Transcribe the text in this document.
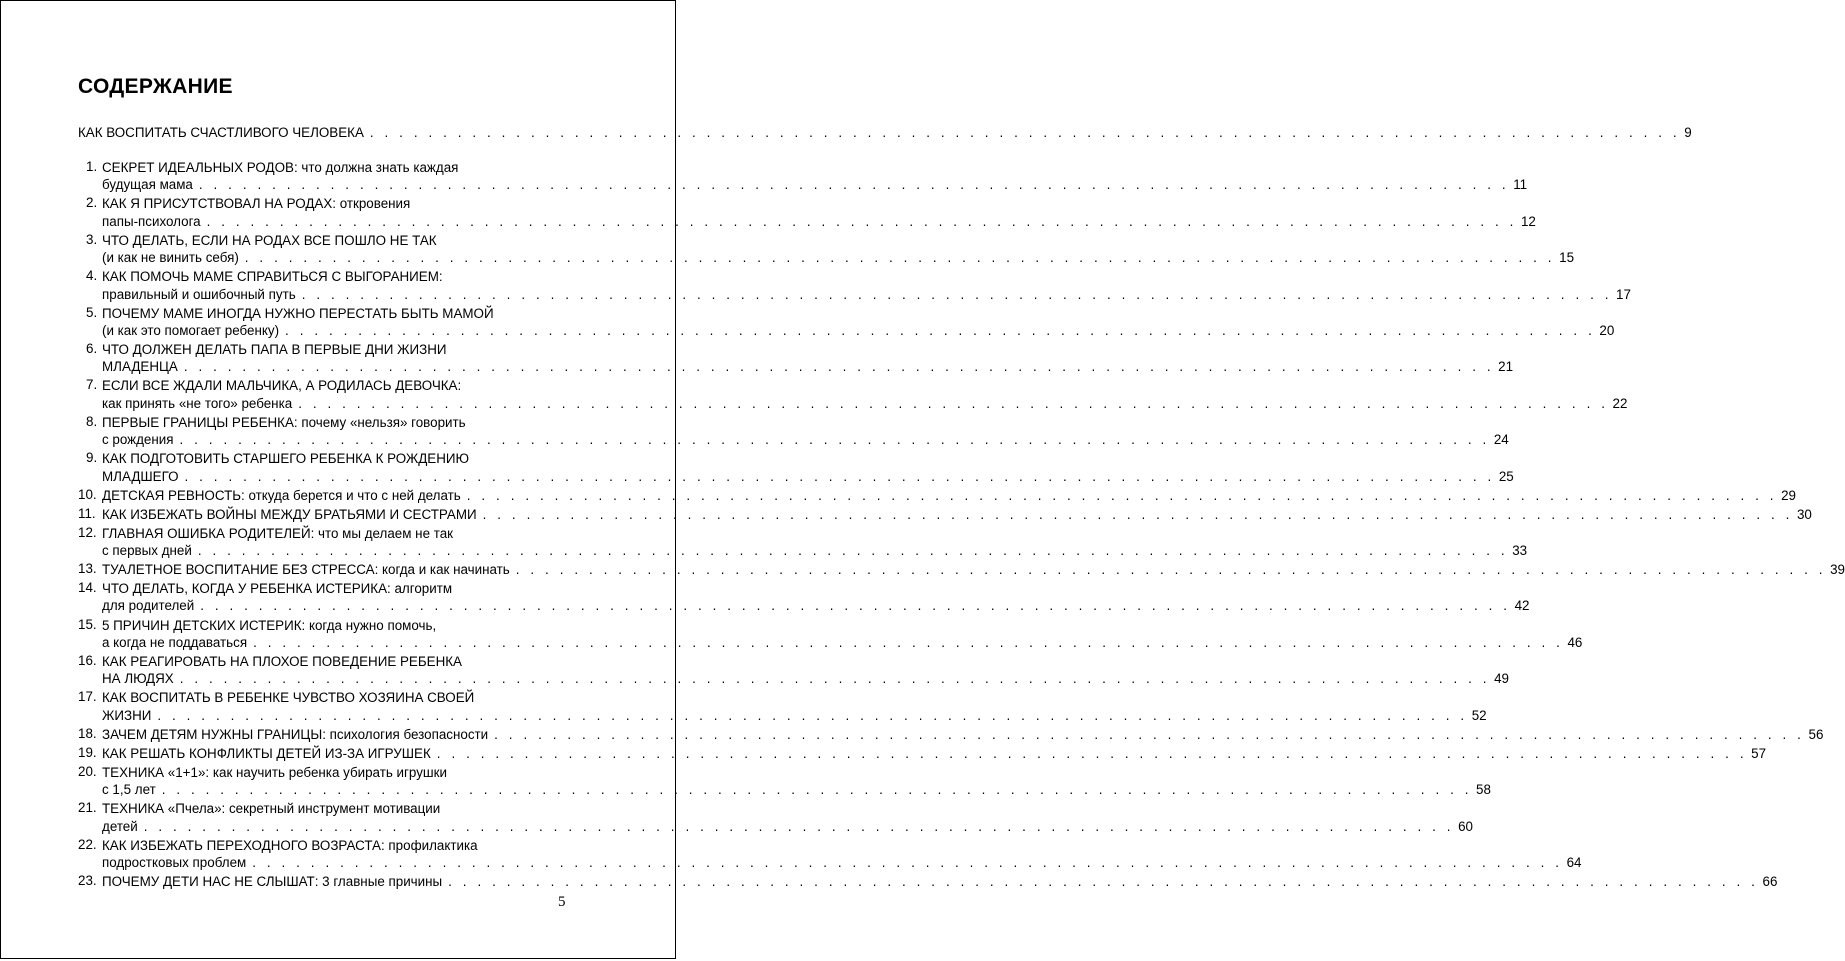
СОДЕРЖАНИЕ
КАК ВОСПИТАТЬ СЧАСТЛИВОГО ЧЕЛОВЕКА . . . . . . . . . . . . . . . . . . . . . . . . . . . . . . . . . . . . . . . . . . . . . . . . . . . . . . . . . . . . . . . . . . . . . . . . . . . . . . . . . . . . . . . . . . 9
1. СЕКРЕТ ИДЕАЛЬНЫХ РОДОВ: что должна знать каждая
будущая мама . . . . . . . . . . . . . . . . . . . . . . . . . . . . . . . . . . . . . . . . . . . . . . . . . . . . . . . . . . . . . . . . . . . . . . . . . . . . . . . . . . . . . . . . . . 11
2. КАК Я ПРИСУТСТВОВАЛ НА РОДАХ: откровения
папы-психолога . . . . . . . . . . . . . . . . . . . . . . . . . . . . . . . . . . . . . . . . . . . . . . . . . . . . . . . . . . . . . . . . . . . . . . . . . . . . . . . . . . . . . . . . . . 12
3. ЧТО ДЕЛАТЬ, ЕСЛИ НА РОДАХ ВСЕ ПОШЛО НЕ ТАК
(и как не винить себя) . . . . . . . . . . . . . . . . . . . . . . . . . . . . . . . . . . . . . . . . . . . . . . . . . . . . . . . . . . . . . . . . . . . . . . . . . . . . . . . . . . . . . . . . . . 15
4. КАК ПОМОЧЬ МАМЕ СПРАВИТЬСЯ С ВЫГОРАНИЕМ:
правильный и ошибочный путь . . . . . . . . . . . . . . . . . . . . . . . . . . . . . . . . . . . . . . . . . . . . . . . . . . . . . . . . . . . . . . . . . . . . . . . . . . . . . . . . . . . . . . . . . . 17
5. ПОЧЕМУ МАМЕ ИНОГДА НУЖНО ПЕРЕСТАТЬ БЫТЬ МАМОЙ
(и как это помогает ребенку) . . . . . . . . . . . . . . . . . . . . . . . . . . . . . . . . . . . . . . . . . . . . . . . . . . . . . . . . . . . . . . . . . . . . . . . . . . . . . . . . . . . . . . . . . . 20
6. ЧТО ДОЛЖЕН ДЕЛАТЬ ПАПА В ПЕРВЫЕ ДНИ ЖИЗНИ
МЛАДЕНЦА . . . . . . . . . . . . . . . . . . . . . . . . . . . . . . . . . . . . . . . . . . . . . . . . . . . . . . . . . . . . . . . . . . . . . . . . . . . . . . . . . . . . . . . . . . 21
7. ЕСЛИ ВСЕ ЖДАЛИ МАЛЬЧИКА, А РОДИЛАСЬ ДЕВОЧКА:
как принять «не того» ребенка . . . . . . . . . . . . . . . . . . . . . . . . . . . . . . . . . . . . . . . . . . . . . . . . . . . . . . . . . . . . . . . . . . . . . . . . . . . . . . . . . . . . . . . . . . 22
8. ПЕРВЫЕ ГРАНИЦЫ РЕБЕНКА: почему «нельзя» говорить
с рождения . . . . . . . . . . . . . . . . . . . . . . . . . . . . . . . . . . . . . . . . . . . . . . . . . . . . . . . . . . . . . . . . . . . . . . . . . . . . . . . . . . . . . . . . . . 24
9. КАК ПОДГОТОВИТЬ СТАРШЕГО РЕБЕНКА К РОЖДЕНИЮ
МЛАДШЕГО . . . . . . . . . . . . . . . . . . . . . . . . . . . . . . . . . . . . . . . . . . . . . . . . . . . . . . . . . . . . . . . . . . . . . . . . . . . . . . . . . . . . . . . . . . 25
10. ДЕТСКАЯ РЕВНОСТЬ: откуда берется и что с ней делать . . . . . . . . . . . . . . . . . . . . . . . . . . . . . . . . . . . . . . . . . . . . . . . . . . . . . . . . . . . . . . . . . . . . . . . . . . . . . . . . . . . . . . . . . . 29
11. КАК ИЗБЕЖАТЬ ВОЙНЫ МЕЖДУ БРАТЬЯМИ И СЕСТРАМИ . . . . . . . . . . . . . . . . . . . . . . . . . . . . . . . . . . . . . . . . . . . . . . . . . . . . . . . . . . . . . . . . . . . . . . . . . . . . . . . . . . . . . . . . . . 30
12. ГЛАВНАЯ ОШИБКА РОДИТЕЛЕЙ: что мы делаем не так
с первых дней . . . . . . . . . . . . . . . . . . . . . . . . . . . . . . . . . . . . . . . . . . . . . . . . . . . . . . . . . . . . . . . . . . . . . . . . . . . . . . . . . . . . . . . . . . 33
13. ТУАЛЕТНОЕ ВОСПИТАНИЕ БЕЗ СТРЕССА: когда и как начинать . . . . . . . . . . . . . . . . . . . . . . . . . . . . . . . . . . . . . . . . . . . . . . . . . . . . . . . . . . . . . . . . . . . . . . . . . . . . . . . . . . . . . . . . . . 39
14. ЧТО ДЕЛАТЬ, КОГДА У РЕБЕНКА ИСТЕРИКА: алгоритм
для родителей . . . . . . . . . . . . . . . . . . . . . . . . . . . . . . . . . . . . . . . . . . . . . . . . . . . . . . . . . . . . . . . . . . . . . . . . . . . . . . . . . . . . . . . . . . 42
15. 5 ПРИЧИН ДЕТСКИХ ИСТЕРИК: когда нужно помочь,
а когда не поддаваться . . . . . . . . . . . . . . . . . . . . . . . . . . . . . . . . . . . . . . . . . . . . . . . . . . . . . . . . . . . . . . . . . . . . . . . . . . . . . . . . . . . . . . . . . . 46
16. КАК РЕАГИРОВАТЬ НА ПЛОХОЕ ПОВЕДЕНИЕ РЕБЕНКА
НА ЛЮДЯХ . . . . . . . . . . . . . . . . . . . . . . . . . . . . . . . . . . . . . . . . . . . . . . . . . . . . . . . . . . . . . . . . . . . . . . . . . . . . . . . . . . . . . . . . . . 49
17. КАК ВОСПИТАТЬ В РЕБЕНКЕ ЧУВСТВО ХОЗЯИНА СВОЕЙ
ЖИЗНИ . . . . . . . . . . . . . . . . . . . . . . . . . . . . . . . . . . . . . . . . . . . . . . . . . . . . . . . . . . . . . . . . . . . . . . . . . . . . . . . . . . . . . . . . . . 52
18. ЗАЧЕМ ДЕТЯМ НУЖНЫ ГРАНИЦЫ: психология безопасности . . . . . . . . . . . . . . . . . . . . . . . . . . . . . . . . . . . . . . . . . . . . . . . . . . . . . . . . . . . . . . . . . . . . . . . . . . . . . . . . . . . . . . . . . . 56
19. КАК РЕШАТЬ КОНФЛИКТЫ ДЕТЕЙ ИЗ-ЗА ИГРУШЕК . . . . . . . . . . . . . . . . . . . . . . . . . . . . . . . . . . . . . . . . . . . . . . . . . . . . . . . . . . . . . . . . . . . . . . . . . . . . . . . . . . . . . . . . . . 57
20. ТЕХНИКА «1+1»: как научить ребенка убирать игрушки
с 1,5 лет . . . . . . . . . . . . . . . . . . . . . . . . . . . . . . . . . . . . . . . . . . . . . . . . . . . . . . . . . . . . . . . . . . . . . . . . . . . . . . . . . . . . . . . . . . 58
21. ТЕХНИКА «Пчела»: секретный инструмент мотивации
детей . . . . . . . . . . . . . . . . . . . . . . . . . . . . . . . . . . . . . . . . . . . . . . . . . . . . . . . . . . . . . . . . . . . . . . . . . . . . . . . . . . . . . . . . . . 60
22. КАК ИЗБЕЖАТЬ ПЕРЕХОДНОГО ВОЗРАСТА: профилактика
подростковых проблем . . . . . . . . . . . . . . . . . . . . . . . . . . . . . . . . . . . . . . . . . . . . . . . . . . . . . . . . . . . . . . . . . . . . . . . . . . . . . . . . . . . . . . . . . . 64
23. ПОЧЕМУ ДЕТИ НАС НЕ СЛЫШАТ: 3 главные причины . . . . . . . . . . . . . . . . . . . . . . . . . . . . . . . . . . . . . . . . . . . . . . . . . . . . . . . . . . . . . . . . . . . . . . . . . . . . . . . . . . . . . . . . . . 66
5
